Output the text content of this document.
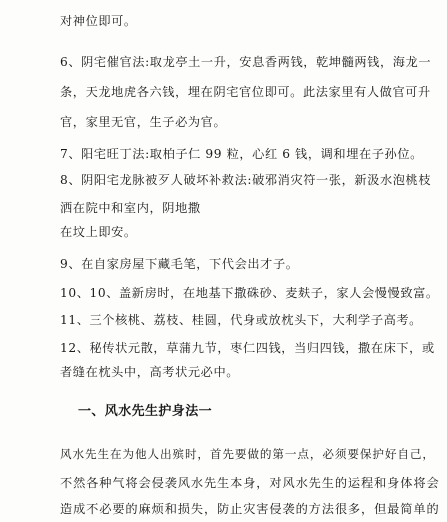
对神位即可。
6、阴宅催官法:取龙亭土一升，安息香两钱，乾坤髓两钱，海龙一
条，天龙地虎各六钱，埋在阴宅官位即可。此法家里有人做官可升
官，家里无官，生子必为官。
7、阳宅旺丁法:取柏子仁 99 粒，心红 6 钱，调和埋在子孙位。
8、阴阳宅龙脉被歹人破坏补救法:破邪消灾符一张，新汲水泡桃枝
洒在院中和室内，阴地撒
在坟上即安。
9、在自家房屋下藏毛笔，下代会出才子。
10、10、盖新房时，在地基下撒硃砂、麦麸子，家人会慢慢致富。
11、三个核桃、荔枝、桂圆，代身或放枕头下，大利学子高考。
12、秘传状元散，草蒲九节，枣仁四钱，当归四钱，撒在床下，或
者缝在枕头中，高考状元必中。
一、风水先生护身法一
风水先生在为他人出殡时，首先要做的第一点，必须要保护好自己，
不然各种气将会侵袭风水先生本身，对风水先生的运程和身体将会
造成不必要的麻烦和损失，防止灾害侵袭的方法很多，但最简单的
